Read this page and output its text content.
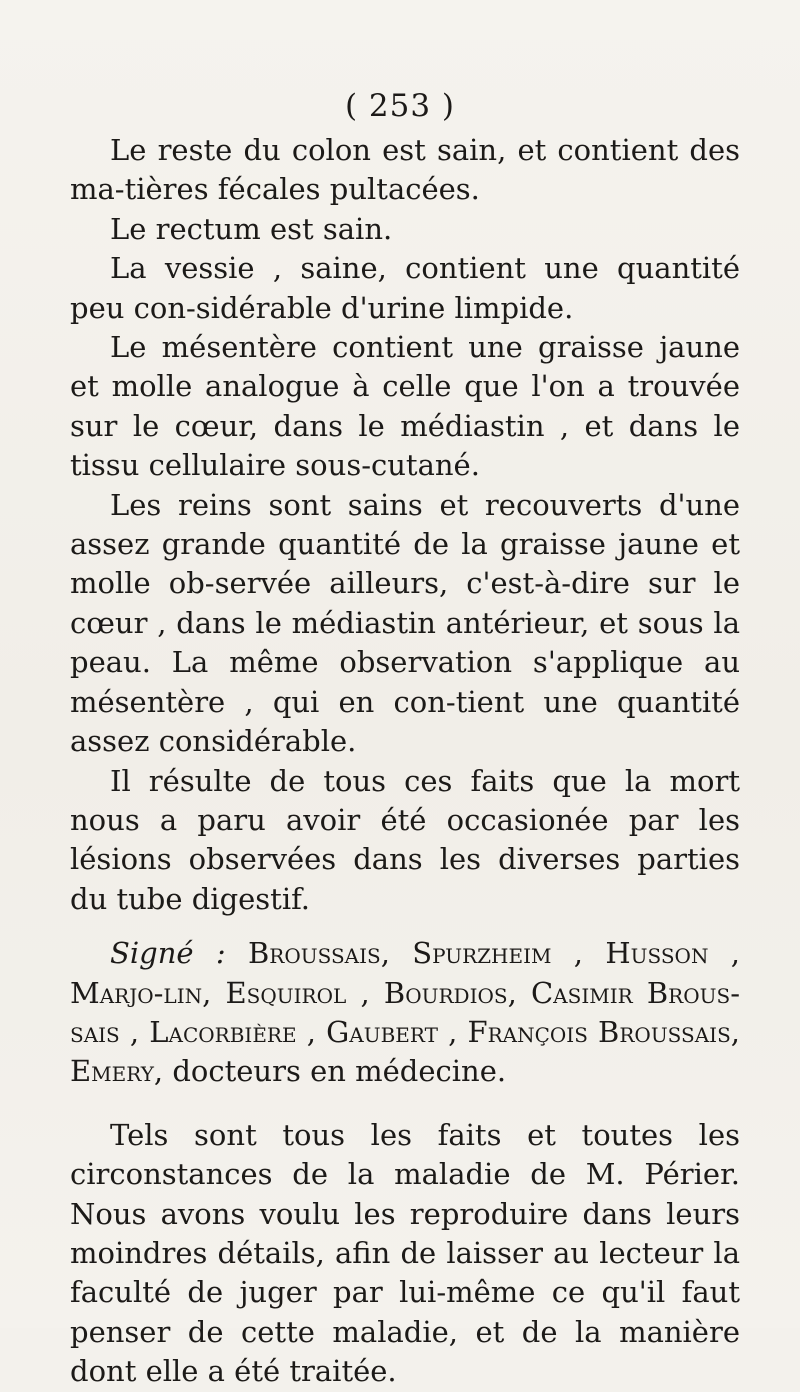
( 253 )

Le reste du colon est sain, et contient des ma-tières fécales pultacées.

Le rectum est sain.

La vessie , saine, contient une quantité peu con-sidérable d'urine limpide.

Le mésentère contient une graisse jaune et molle analogue à celle que l'on a trouvée sur le cœur, dans le médiastin , et dans le tissu cellulaire sous-cutané.

Les reins sont sains et recouverts d'une assez grande quantité de la graisse jaune et molle ob-servée ailleurs, c'est-à-dire sur le cœur , dans le médiastin antérieur, et sous la peau. La même observation s'applique au mésentère , qui en con-tient une quantité assez considérable.

Il résulte de tous ces faits que la mort nous a paru avoir été occasionée par les lésions observées dans les diverses parties du tube digestif.

Signé : Broussais, Spurzheim , Husson , Marjo-lin, Esquirol , Bourdios, Casimir Brous-sais , Lacorbière , Gaubert , François Broussais, Emery, docteurs en médecine.

Tels sont tous les faits et toutes les circonstances de la maladie de M. Périer. Nous avons voulu les reproduire dans leurs moindres détails, afin de laisser au lecteur la faculté de juger par lui-même ce qu'il faut penser de cette maladie, et de la manière dont elle a été traitée.
